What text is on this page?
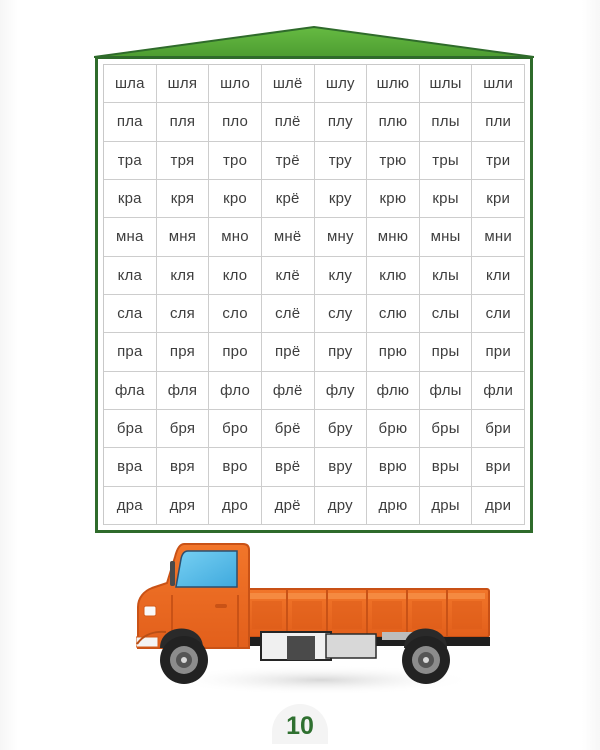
шла	шля	шло	шлё	шлу	шлю	шлы	шли
пла	пля	пло	плё	плу	плю	плы	пли
тра	тря	тро	трё	тру	трю	тры	три
кра	кря	кро	крё	кру	крю	кры	кри
мна	мня	мно	мнё	мну	мню	мны	мни
кла	кля	кло	клё	клу	клю	клы	кли
сла	сля	сло	слё	слу	слю	слы	сли
пра	пря	про	прё	пру	прю	пры	при
фла	фля	фло	флё	флу	флю	флы	фли
бра	бря	бро	брё	бру	брю	бры	бри
вра	вря	вро	врё	вру	врю	вры	ври
дра	дря	дро	дрё	дру	дрю	дры	дри
10
